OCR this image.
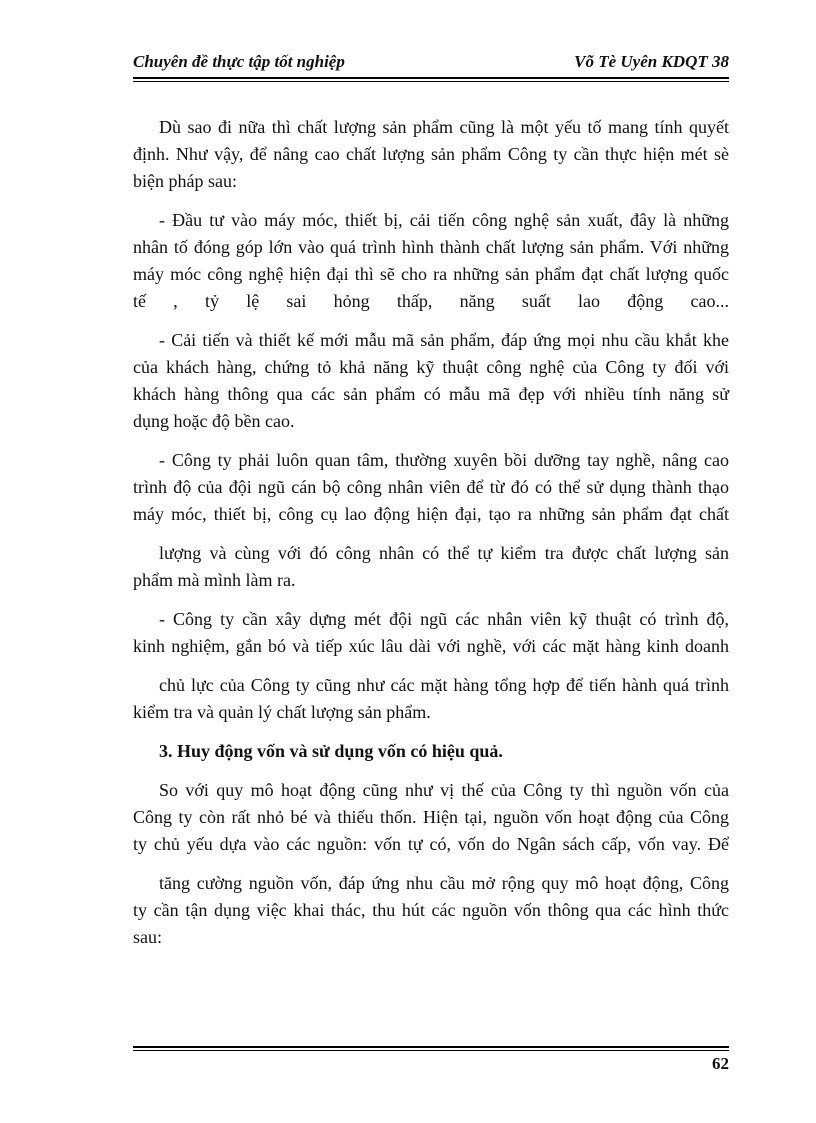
Chuyên đề thực tập tốt nghiệp	Võ Tè Uyên KDQT 38
Dù sao đi nữa thì chất lượng sản phẩm cũng là một yếu tố mang tính quyết
định. Như vậy, để nâng cao chất lượng sản phẩm Công ty cần thực hiện mét sè
biện pháp sau:
- Đầu tư vào máy móc, thiết bị, cải tiến công nghệ sản xuất, đây là những
nhân tố đóng góp lớn vào quá trình hình thành chất lượng sản phẩm. Với những
máy móc công nghệ hiện đại thì sẽ cho ra những sản phẩm đạt chất lượng quốc
tế , tỷ lệ sai hỏng thấp, năng suất lao động cao...
- Cải tiến và thiết kế mới mẫu mã sản phẩm, đáp ứng mọi nhu cầu khắt khe
của khách hàng, chứng tỏ khả năng kỹ thuật công nghệ của Công ty đối với
khách hàng thông qua các sản phẩm có mẫu mã đẹp với nhiều tính năng sử
dụng hoặc độ bền cao.
- Công ty phải luôn quan tâm, thường xuyên bồi dưỡng tay nghề, nâng cao
trình độ của đội ngũ cán bộ công nhân viên để từ đó có thể sử dụng thành thạo
máy móc, thiết bị, công cụ lao động hiện đại, tạo ra những sản phẩm đạt chất
lượng và cùng với đó công nhân có thể tự kiểm tra được chất lượng sản
phẩm mà mình làm ra.
- Công ty cần xây dựng mét đội ngũ các nhân viên kỹ thuật có trình độ,
kinh nghiệm, gắn bó và tiếp xúc lâu dài với nghề, với các mặt hàng kinh doanh
chủ lực của Công ty cũng như các mặt hàng tổng hợp để tiến hành quá trình
kiểm tra và quản lý chất lượng sản phẩm.
3. Huy động vốn và sử dụng vốn có hiệu quả.
So với quy mô hoạt động cũng như vị thế của Công ty thì nguồn vốn của
Công ty còn rất nhỏ bé và thiếu thốn. Hiện tại, nguồn vốn hoạt động của Công
ty chủ yếu dựa vào các nguồn: vốn tự có, vốn do Ngân sách cấp, vốn vay. Để
tăng cường nguồn vốn, đáp ứng nhu cầu mở rộng quy mô hoạt động, Công
ty cần tận dụng việc khai thác, thu hút các nguồn vốn thông qua các hình thức
sau:
62
